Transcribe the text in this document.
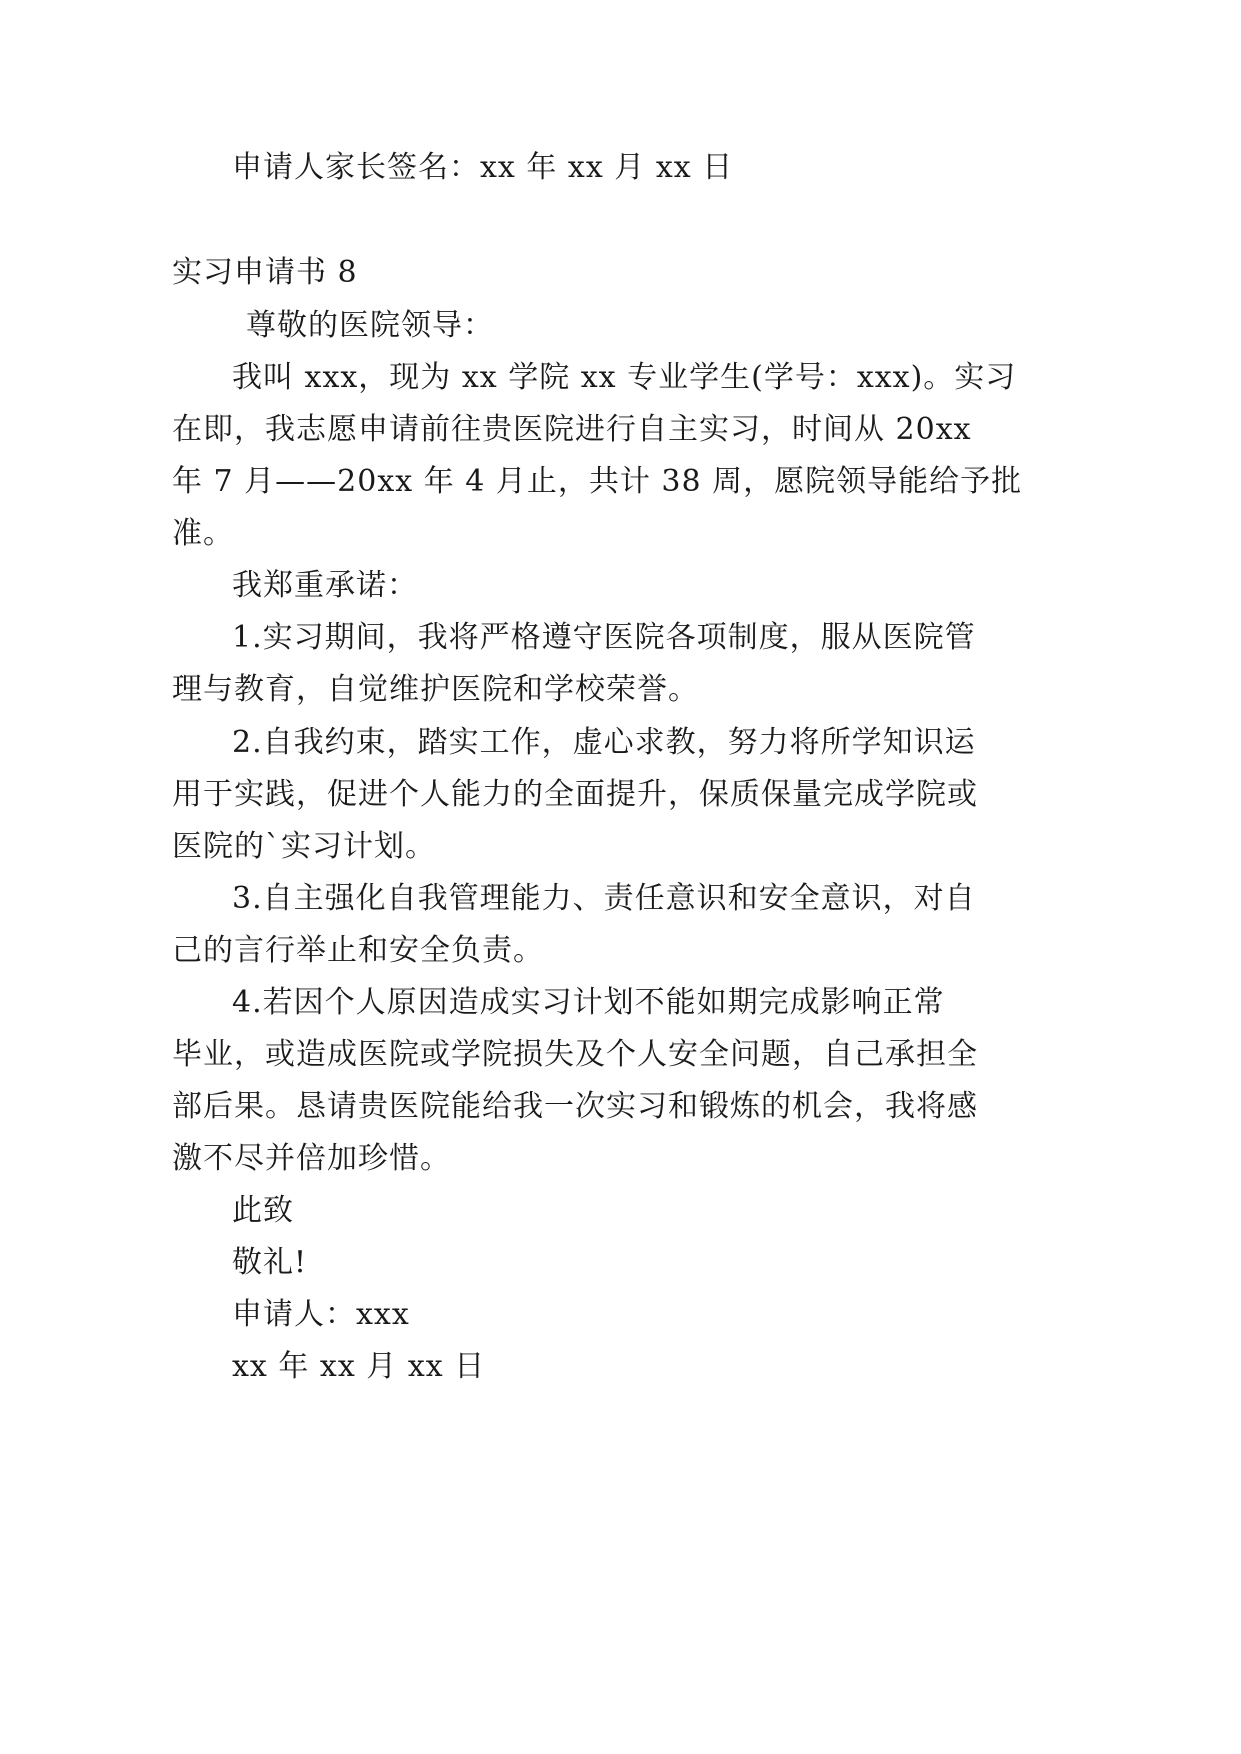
申请人家长签名：xx 年 xx 月 xx 日
实习申请书 8
尊敬的医院领导：
我叫 xxx，现为 xx 学院 xx 专业学生(学号：xxx)。实习
在即，我志愿申请前往贵医院进行自主实习，时间从 20xx
年 7 月——20xx 年 4 月止，共计 38 周，愿院领导能给予批
准。
我郑重承诺：
1.实习期间，我将严格遵守医院各项制度，服从医院管
理与教育，自觉维护医院和学校荣誉。
2.自我约束，踏实工作，虚心求教，努力将所学知识运
用于实践，促进个人能力的全面提升，保质保量完成学院或
医院的`实习计划。
3.自主强化自我管理能力、责任意识和安全意识，对自
己的言行举止和安全负责。
4.若因个人原因造成实习计划不能如期完成影响正常
毕业，或造成医院或学院损失及个人安全问题，自己承担全
部后果。恳请贵医院能给我一次实习和锻炼的机会，我将感
激不尽并倍加珍惜。
此致
敬礼!
申请人：xxx
xx 年 xx 月 xx 日
